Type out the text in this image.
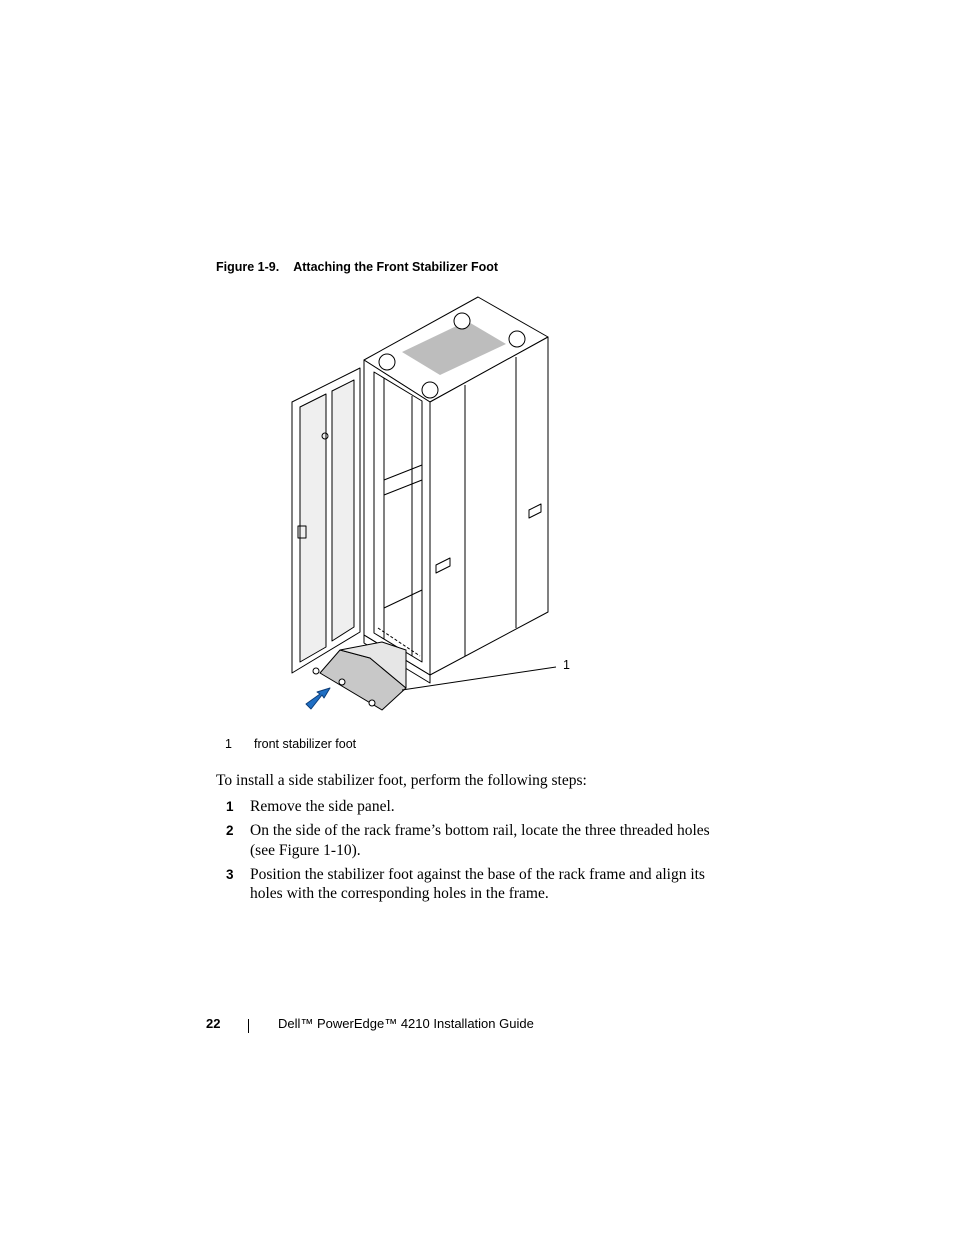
Figure 1-9. Attaching the Front Stabilizer Foot
1
1 front stabilizer foot
To install a side stabilizer foot, perform the following steps:
1 Remove the side panel.
2 On the side of the rack frame’s bottom rail, locate the three threaded holes (see Figure 1-10).
3 Position the stabilizer foot against the base of the rack frame and align its holes with the corresponding holes in the frame.
22	Dell™ PowerEdge™ 4210 Installation Guide
